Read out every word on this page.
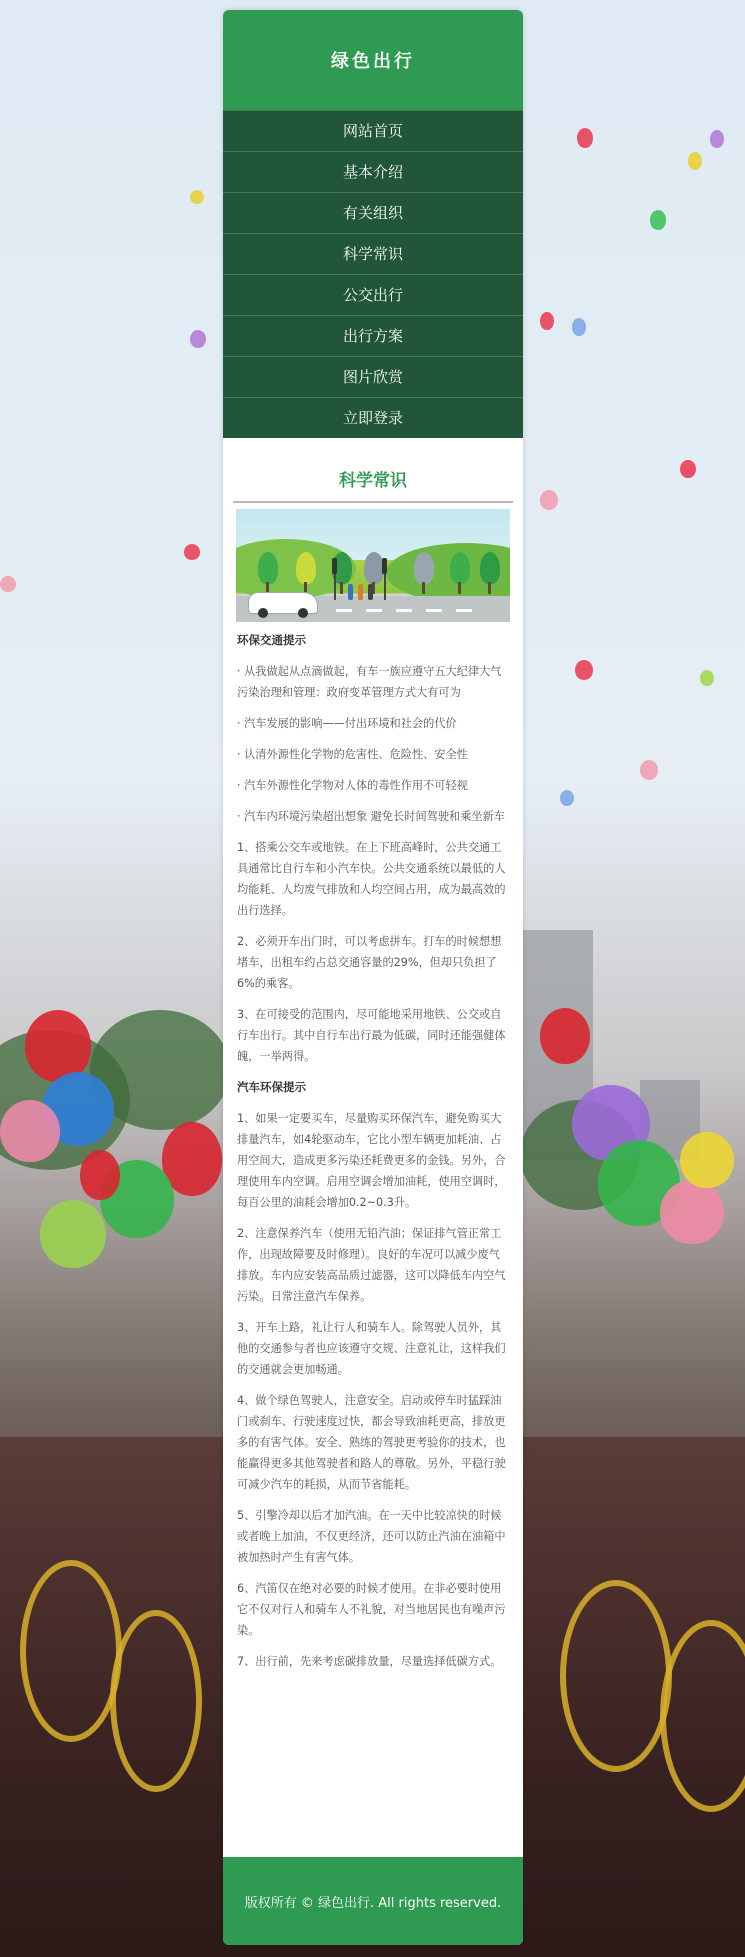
绿色出行
网站首页
基本介绍
有关组织
科学常识
公交出行
出行方案
图片欣赏
立即登录
科学常识
环保交通提示

· 从我做起从点滴做起，有车一族应遵守五大纪律大气污染治理和管理：政府变革管理方式大有可为

· 汽车发展的影响——付出环境和社会的代价

· 认清外源性化学物的危害性、危险性、安全性

· 汽车外源性化学物对人体的毒性作用不可轻视

· 汽车内环境污染超出想象 避免长时间驾驶和乘坐新车

1、搭乘公交车或地铁。在上下班高峰时，公共交通工具通常比自行车和小汽车快。公共交通系统以最低的人均能耗、人均废气排放和人均空间占用，成为最高效的出行选择。

2、必须开车出门时，可以考虑拼车。打车的时候想想堵车，出租车约占总交通容量的29%，但却只负担了6%的乘客。

3、在可接受的范围内，尽可能地采用地铁、公交或自行车出行。其中自行车出行最为低碳，同时还能强健体魄，一举两得。

汽车环保提示

1、如果一定要买车，尽量购买环保汽车，避免购买大排量汽车，如4轮驱动车，它比小型车辆更加耗油、占用空间大，造成更多污染还耗费更多的金钱。另外，合理使用车内空调。启用空调会增加油耗，使用空调时，每百公里的油耗会增加0.2~0.3升。

2、注意保养汽车（使用无铅汽油；保证排气管正常工作，出现故障要及时修理）。良好的车况可以减少废气排放。车内应安装高品质过滤器，这可以降低车内空气污染。日常注意汽车保养。

3、开车上路，礼让行人和骑车人。除驾驶人员外，其他的交通参与者也应该遵守交规、注意礼让，这样我们的交通就会更加畅通。

4、做个绿色驾驶人，注意安全。启动或停车时猛踩油门或刹车、行驶速度过快，都会导致油耗更高，排放更多的有害气体。安全、熟练的驾驶更考验你的技术，也能赢得更多其他驾驶者和路人的尊敬。另外，平稳行驶可减少汽车的耗损，从而节省能耗。

5、引擎冷却以后才加汽油。在一天中比较凉快的时候或者晚上加油，不仅更经济，还可以防止汽油在油箱中被加热时产生有害气体。

6、汽笛仅在绝对必要的时候才使用。在非必要时使用它不仅对行人和骑车人不礼貌，对当地居民也有噪声污染。

7、出行前，先来考虑碳排放量，尽量选择低碳方式。

版权所有 © 绿色出行. All rights reserved.
